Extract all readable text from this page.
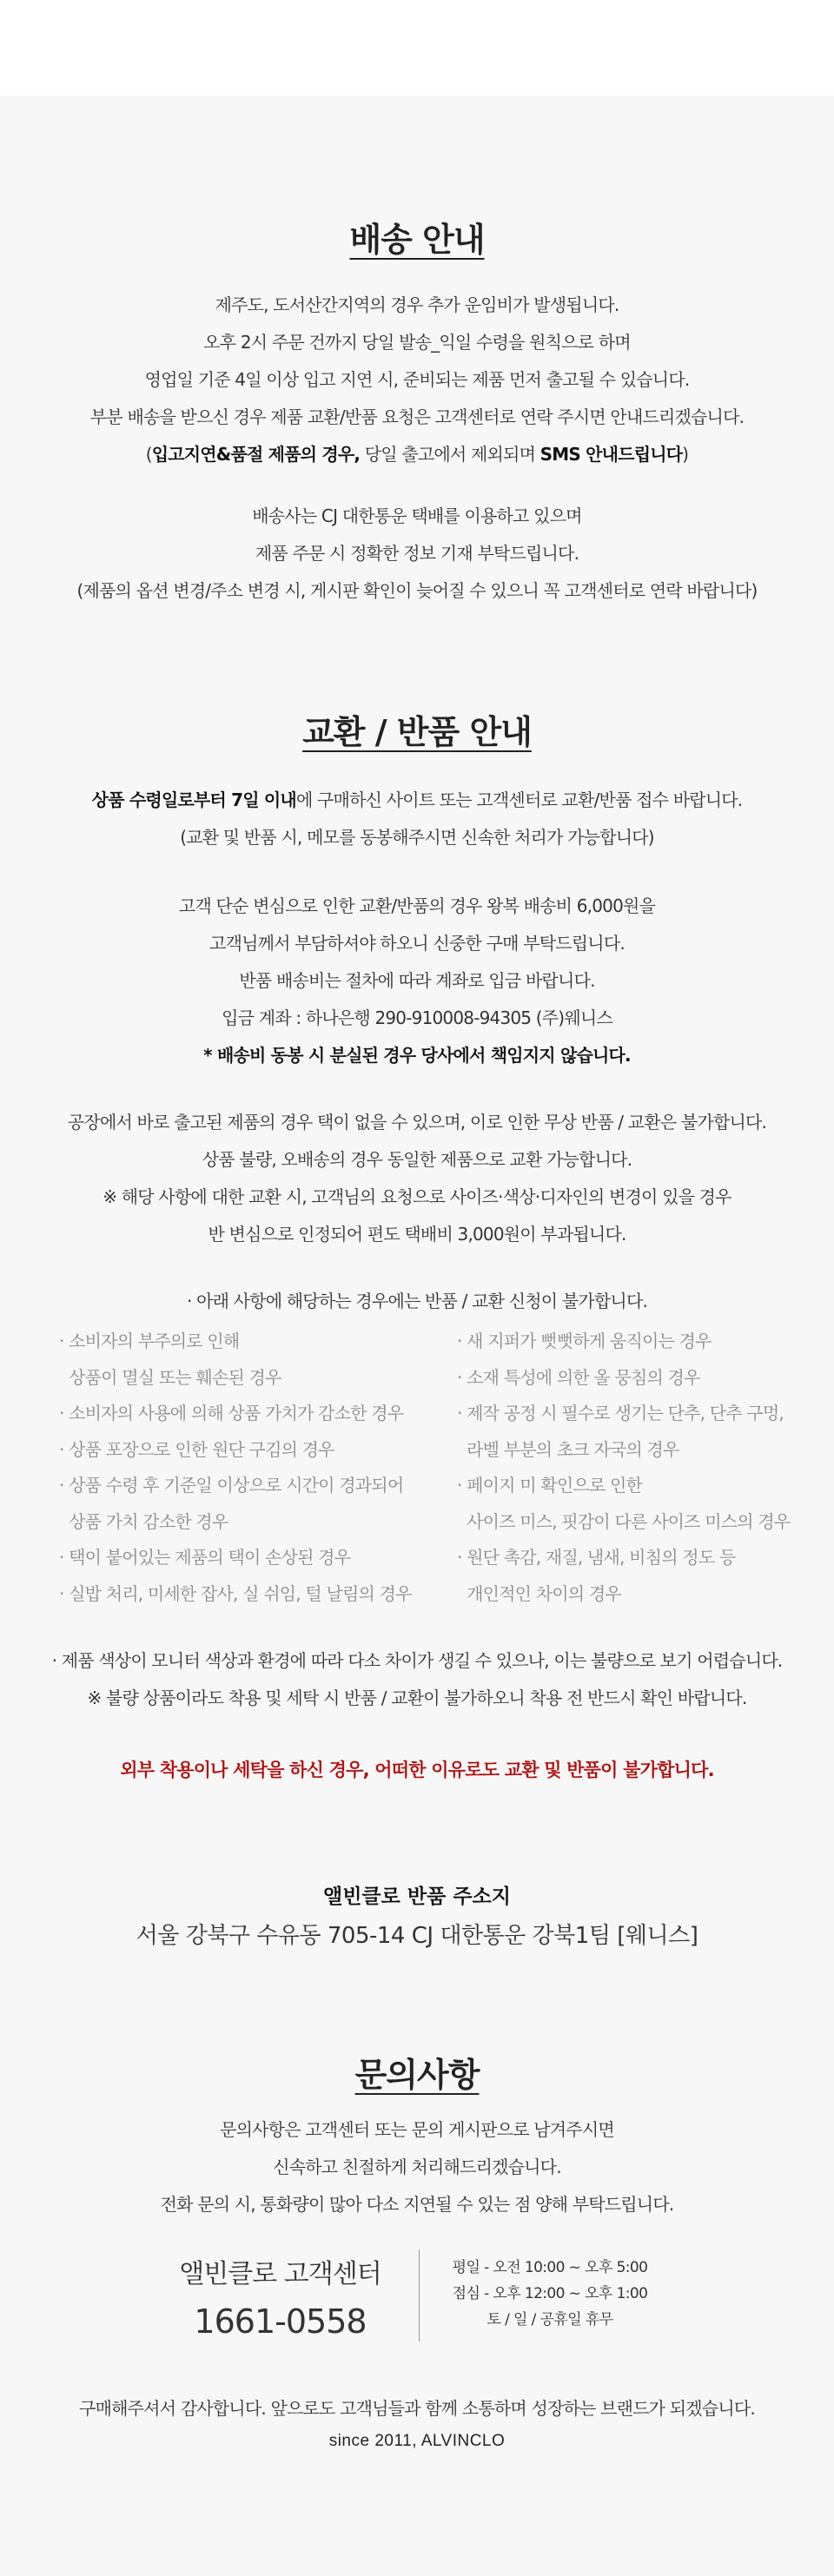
배송 안내
제주도, 도서산간지역의 경우 추가 운임비가 발생됩니다.
오후 2시 주문 건까지 당일 발송_익일 수령을 원칙으로 하며
영업일 기준 4일 이상 입고 지연 시, 준비되는 제품 먼저 출고될 수 있습니다.
부분 배송을 받으신 경우 제품 교환/반품 요청은 고객센터로 연락 주시면 안내드리겠습니다.
(입고지연&품절 제품의 경우, 당일 출고에서 제외되며 SMS 안내드립니다)
배송사는 CJ 대한통운 택배를 이용하고 있으며
제품 주문 시 정확한 정보 기재 부탁드립니다.
(제품의 옵션 변경/주소 변경 시, 게시판 확인이 늦어질 수 있으니 꼭 고객센터로 연락 바랍니다)
교환 / 반품 안내
상품 수령일로부터 7일 이내에 구매하신 사이트 또는 고객센터로 교환/반품 접수 바랍니다.
(교환 및 반품 시, 메모를 동봉해주시면 신속한 처리가 가능합니다)
고객 단순 변심으로 인한 교환/반품의 경우 왕복 배송비 6,000원을
고객님께서 부담하셔야 하오니 신중한 구매 부탁드립니다.
반품 배송비는 절차에 따라 계좌로 입금 바랍니다.
입금 계좌 : 하나은행 290-910008-94305 (주)웨니스
* 배송비 동봉 시 분실된 경우 당사에서 책임지지 않습니다.
공장에서 바로 출고된 제품의 경우 택이 없을 수 있으며, 이로 인한 무상 반품 / 교환은 불가합니다.
상품 불량, 오배송의 경우 동일한 제품으로 교환 가능합니다.
※ 해당 사항에 대한 교환 시, 고객님의 요청으로 사이즈·색상·디자인의 변경이 있을 경우
반 변심으로 인정되어 편도 택배비 3,000원이 부과됩니다.
· 아래 사항에 해당하는 경우에는 반품 / 교환 신청이 불가합니다.
· 소비자의 부주의로 인해
상품이 멸실 또는 훼손된 경우
· 소비자의 사용에 의해 상품 가치가 감소한 경우
· 상품 포장으로 인한 원단 구김의 경우
· 상품 수령 후 기준일 이상으로 시간이 경과되어
상품 가치 감소한 경우
· 택이 붙어있는 제품의 택이 손상된 경우
· 실밥 처리, 미세한 잡사, 실 쉬임, 털 날림의 경우
· 새 지퍼가 뻣뻣하게 움직이는 경우
· 소재 특성에 의한 올 뭉침의 경우
· 제작 공정 시 필수로 생기는 단추, 단추 구멍,
라벨 부분의 초크 자국의 경우
· 페이지 미 확인으로 인한
사이즈 미스, 핏감이 다른 사이즈 미스의 경우
· 원단 촉감, 재질, 냄새, 비침의 정도 등
개인적인 차이의 경우
· 제품 색상이 모니터 색상과 환경에 따라 다소 차이가 생길 수 있으나, 이는 불량으로 보기 어렵습니다.
※ 불량 상품이라도 착용 및 세탁 시 반품 / 교환이 불가하오니 착용 전 반드시 확인 바랍니다.
외부 착용이나 세탁을 하신 경우, 어떠한 이유로도 교환 및 반품이 불가합니다.
앨빈클로 반품 주소지
서울 강북구 수유동 705-14 CJ 대한통운 강북1팀 [웨니스]
문의사항
문의사항은 고객센터 또는 문의 게시판으로 남겨주시면
신속하고 친절하게 처리해드리겠습니다.
전화 문의 시, 통화량이 많아 다소 지연될 수 있는 점 양해 부탁드립니다.
앨빈클로 고객센터
1661-0558
평일 - 오전 10:00 ~ 오후 5:00
점심 - 오후 12:00 ~ 오후 1:00
토 / 일 / 공휴일 휴무
구매해주셔서 감사합니다. 앞으로도 고객님들과 함께 소통하며 성장하는 브랜드가 되겠습니다.
since 2011, ALVINCLO
